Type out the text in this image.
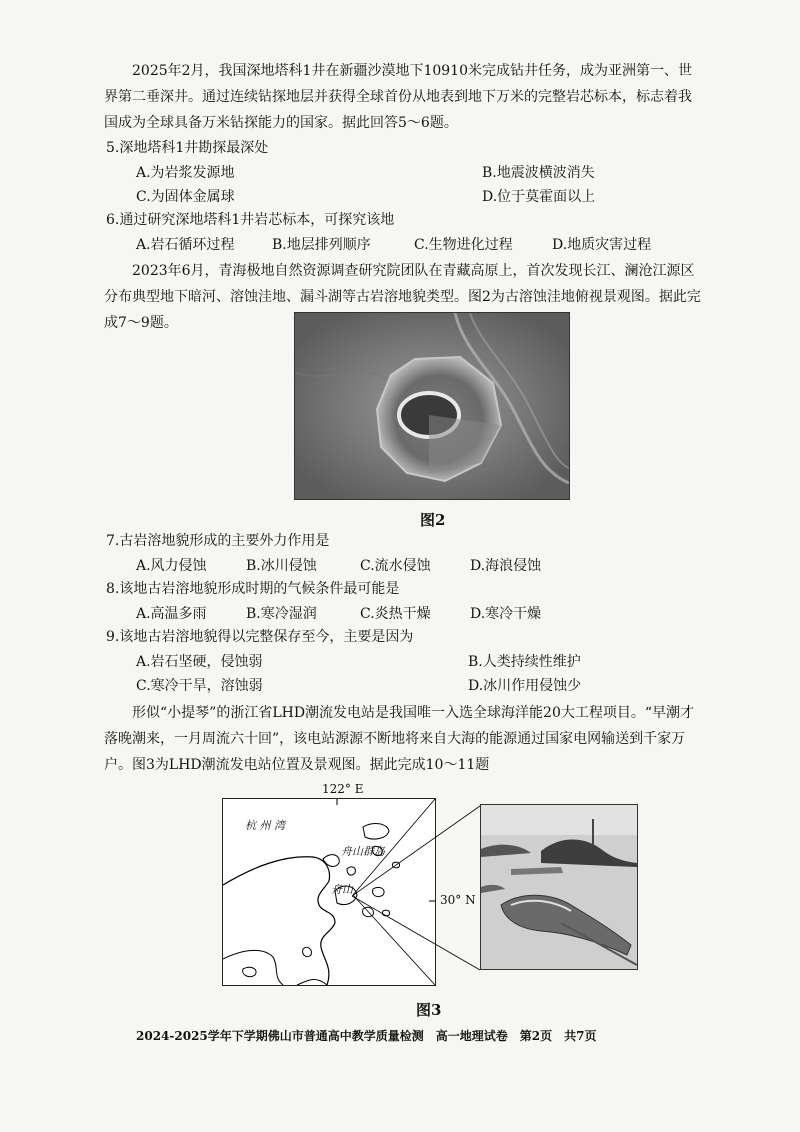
2025年2月，我国深地塔科1井在新疆沙漠地下10910米完成钻井任务，成为亚洲第一、世界第二垂深井。通过连续钻探地层并获得全球首份从地表到地下万米的完整岩芯标本，标志着我国成为全球具备万米钻探能力的国家。据此回答5～6题。
5.深地塔科1井勘探最深处
A.为岩浆发源地	B.地震波横波消失
C.为固体金属球	D.位于莫霍面以上
6.通过研究深地塔科1井岩芯标本，可探究该地
A.岩石循环过程	B.地层排列顺序	C.生物进化过程	D.地质灾害过程
2023年6月，青海极地自然资源调查研究院团队在青藏高原上，首次发现长江、澜沧江源区分布典型地下暗河、溶蚀洼地、漏斗湖等古岩溶地貌类型。图2为古溶蚀洼地俯视景观图。据此完成7～9题。
图2
7.古岩溶地貌形成的主要外力作用是
A.风力侵蚀	B.冰川侵蚀	C.流水侵蚀	D.海浪侵蚀
8.该地古岩溶地貌形成时期的气候条件最可能是
A.高温多雨	B.寒冷湿润	C.炎热干燥	D.寒冷干燥
9.该地古岩溶地貌得以完整保存至今，主要是因为
A.岩石坚硬，侵蚀弱	B.人类持续性维护
C.寒冷干旱，溶蚀弱	D.冰川作用侵蚀少
形似“小提琴”的浙江省LHD潮流发电站是我国唯一入选全球海洋能20大工程项目。“早潮才落晚潮来，一月周流六十回”，该电站源源不断地将来自大海的能源通过国家电网输送到千家万户。图3为LHD潮流发电站位置及景观图。据此完成10～11题
122° E
杭 州 湾
舟山群岛
舟山
30° N
图3
2024-2025学年下学期佛山市普通高中教学质量检测　高一地理试卷　第2页　共7页
